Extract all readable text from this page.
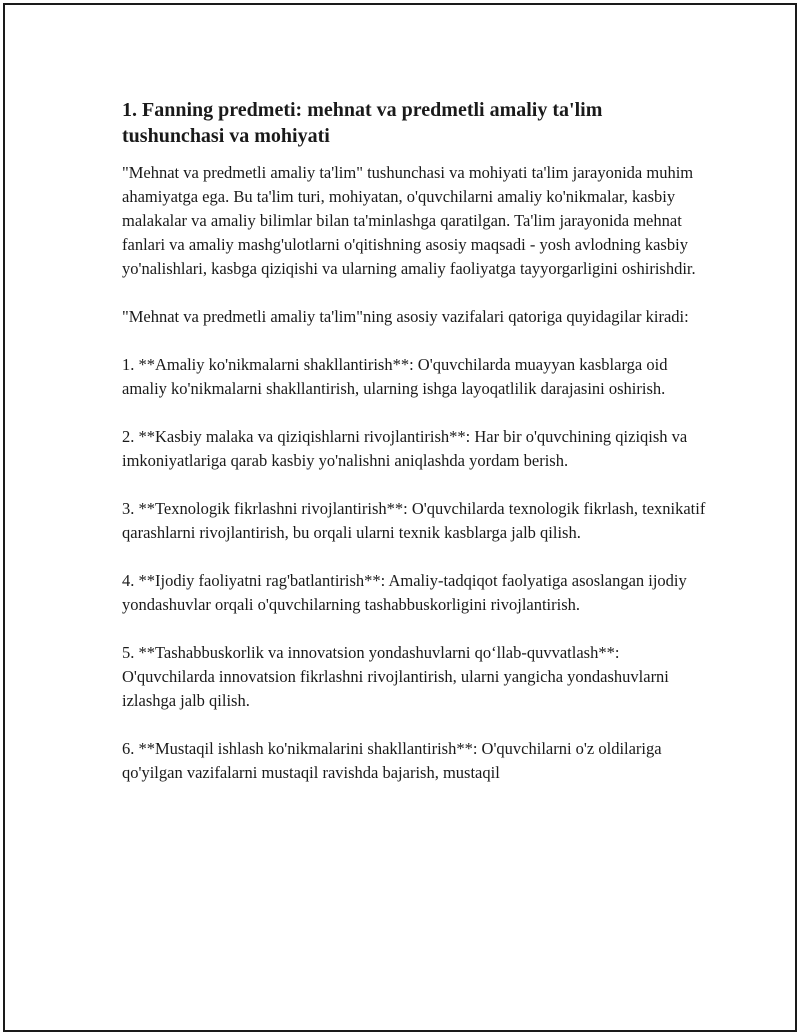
1. Fanning predmeti: mehnat va predmetli amaliy ta'lim tushunchasi va mohiyati

"Mehnat va predmetli amaliy ta'lim" tushunchasi va mohiyati ta'lim jarayonida muhim ahamiyatga ega. Bu ta'lim turi, mohiyatan, o'quvchilarni amaliy ko'nikmalar, kasbiy malakalar va amaliy bilimlar bilan ta'minlashga qaratilgan. Ta'lim jarayonida mehnat fanlari va amaliy mashg'ulotlarni o'qitishning asosiy maqsadi - yosh avlodning kasbiy yo'nalishlari, kasbga qiziqishi va ularning amaliy faoliyatga tayyorgarligini oshirishdir.

"Mehnat va predmetli amaliy ta'lim"ning asosiy vazifalari qatoriga quyidagilar kiradi:

1. **Amaliy ko'nikmalarni shakllantirish**: O'quvchilarda muayyan kasblarga oid amaliy ko'nikmalarni shakllantirish, ularning ishga layoqatlilik darajasini oshirish.

2. **Kasbiy malaka va qiziqishlarni rivojlantirish**: Har bir o'quvchining qiziqish va imkoniyatlariga qarab kasbiy yo'nalishni aniqlashda yordam berish.

3. **Texnologik fikrlashni rivojlantirish**: O'quvchilarda texnologik fikrlash, texnikatif qarashlarni rivojlantirish, bu orqali ularni texnik kasblarga jalb qilish.

4. **Ijodiy faoliyatni rag'batlantirish**: Amaliy-tadqiqot faolyatiga asoslangan ijodiy yondashuvlar orqali o'quvchilarning tashabbuskorligini rivojlantirish.

5. **Tashabbuskorlik va innovatsion yondashuvlarni qo‘llab-quvvatlash**: O'quvchilarda innovatsion fikrlashni rivojlantirish, ularni yangicha yondashuvlarni izlashga jalb qilish.

6. **Mustaqil ishlash ko'nikmalarini shakllantirish**: O'quvchilarni o'z oldilariga qo'yilgan vazifalarni mustaqil ravishda bajarish, mustaqil
